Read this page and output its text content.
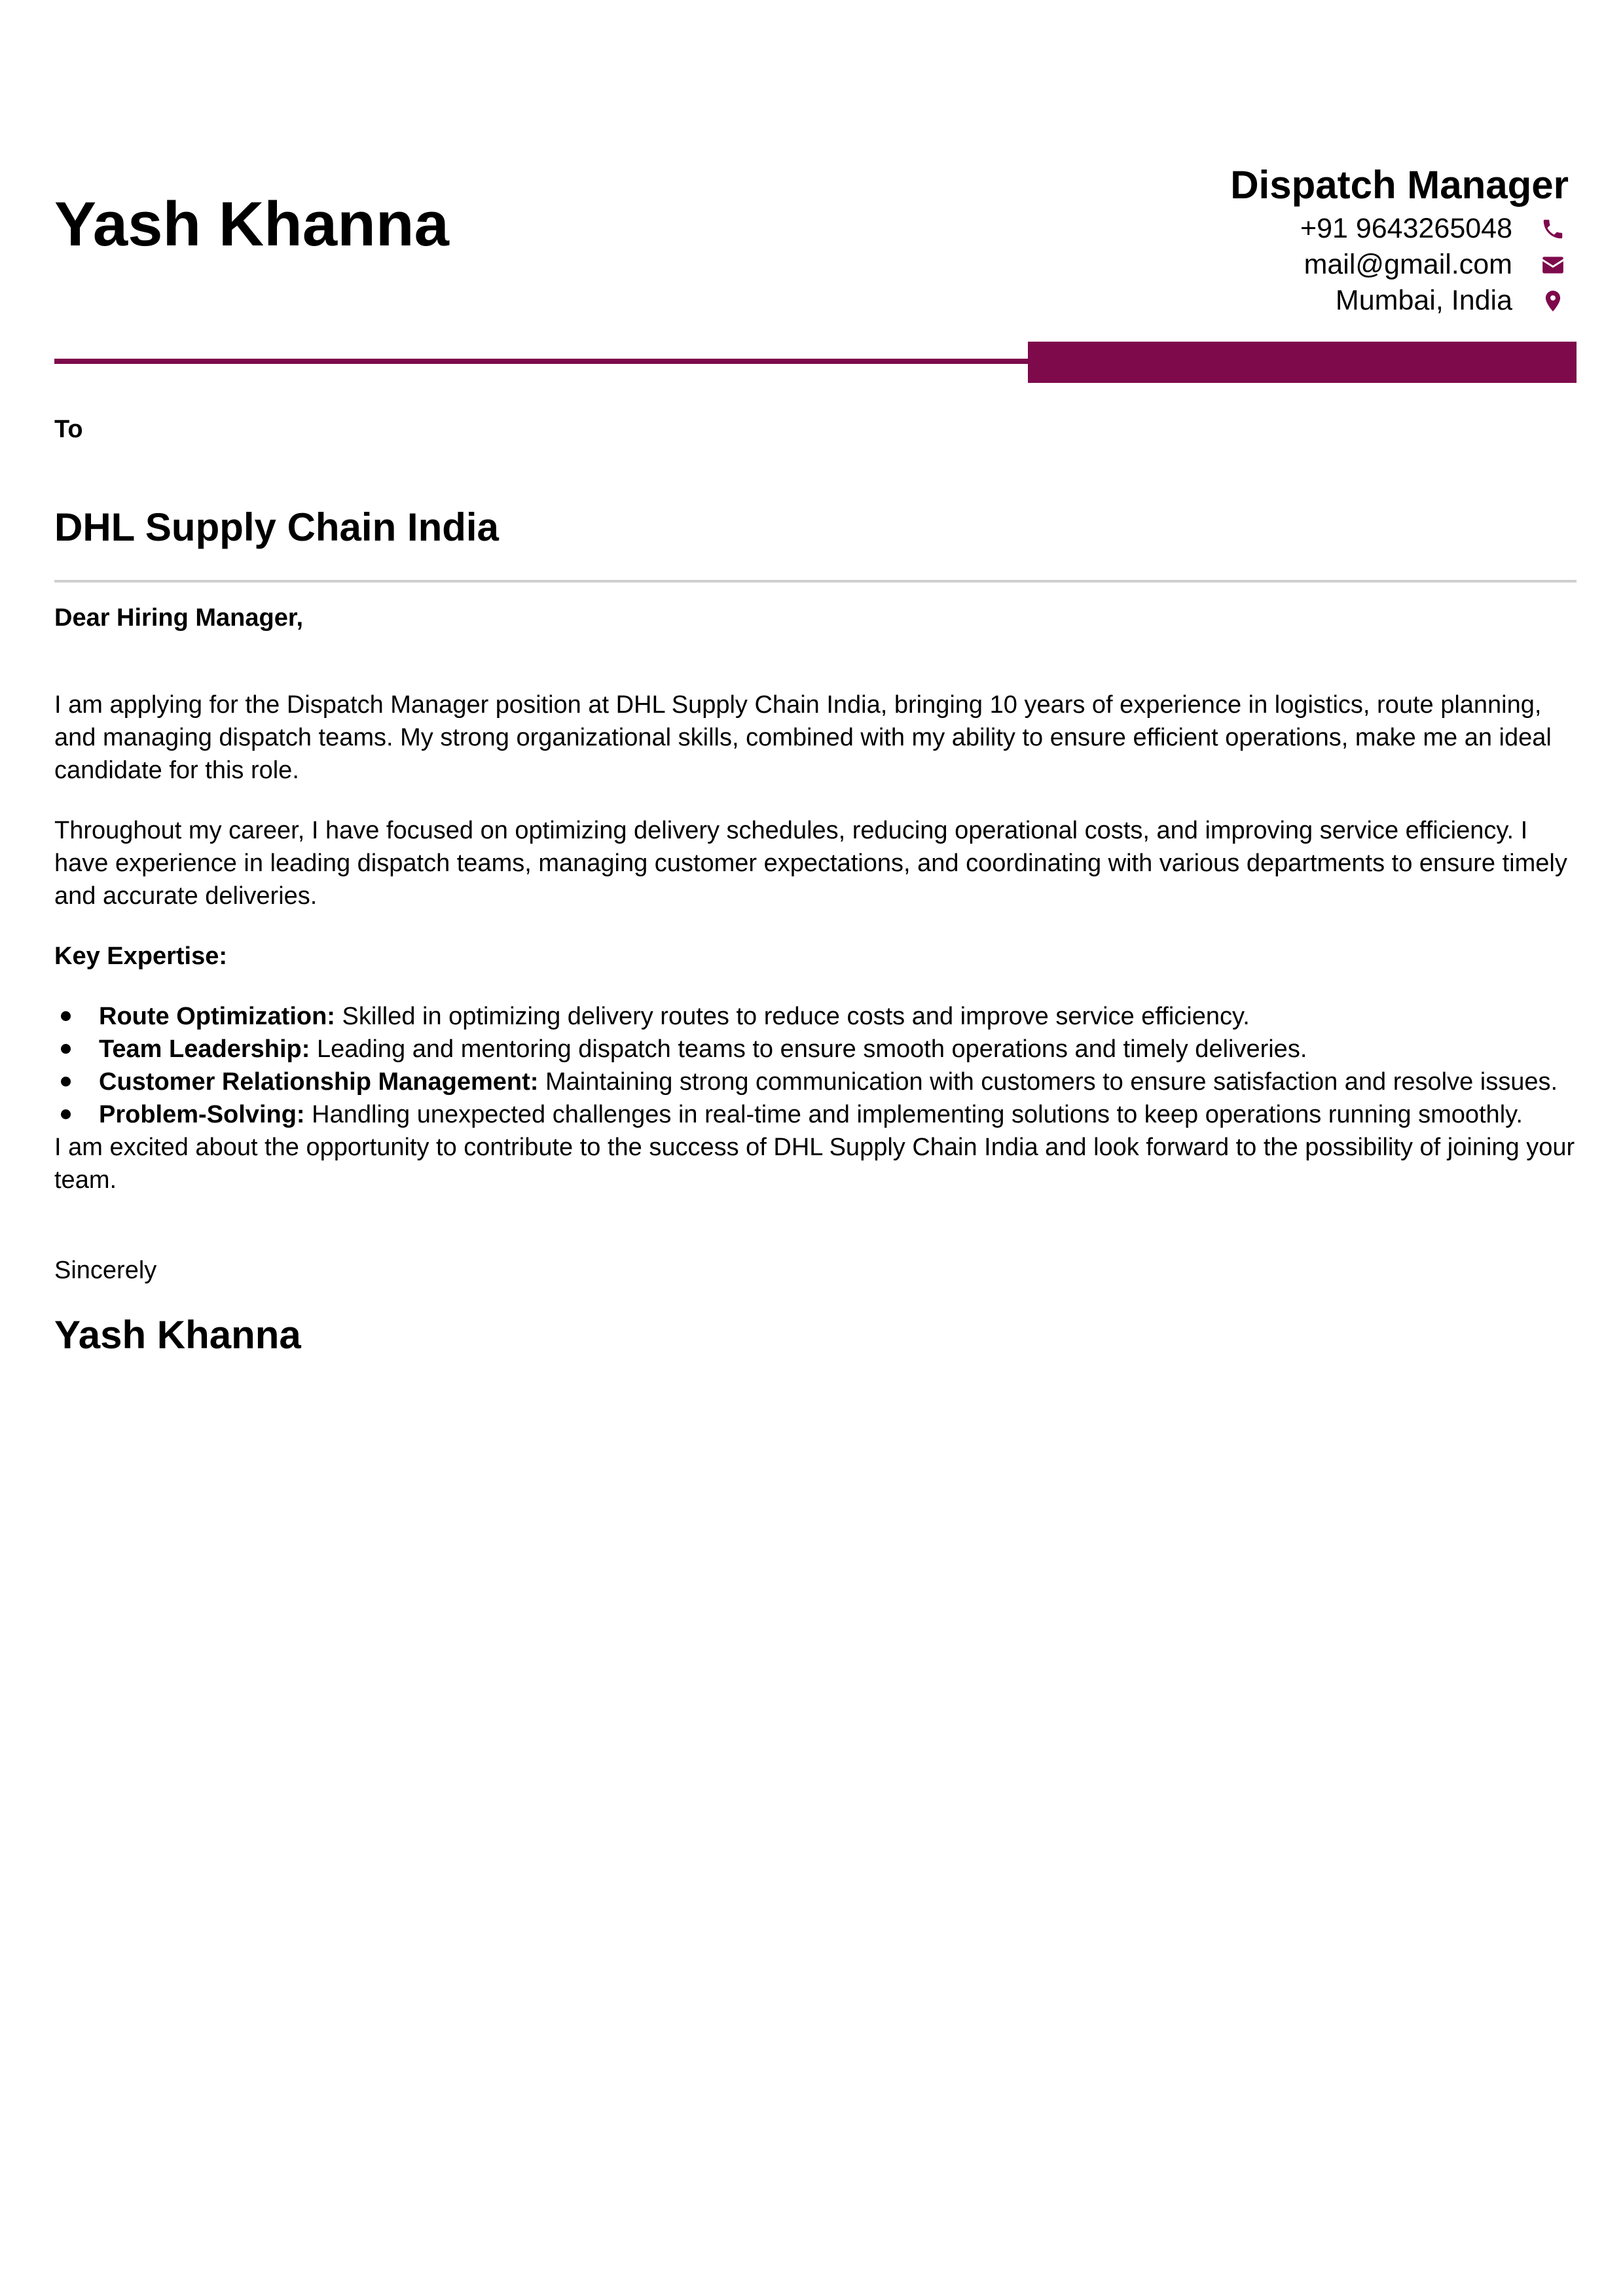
Yash Khanna
Dispatch Manager
+91 9643265048
mail@gmail.com
Mumbai, India

To

DHL Supply Chain India

Dear Hiring Manager,

I am applying for the Dispatch Manager position at DHL Supply Chain India, bringing 10 years of experience in logistics, route planning, and managing dispatch teams. My strong organizational skills, combined with my ability to ensure efficient operations, make me an ideal candidate for this role.

Throughout my career, I have focused on optimizing delivery schedules, reducing operational costs, and improving service efficiency. I have experience in leading dispatch teams, managing customer expectations, and coordinating with various departments to ensure timely and accurate deliveries.

Key Expertise:

Route Optimization: Skilled in optimizing delivery routes to reduce costs and improve service efficiency.
Team Leadership: Leading and mentoring dispatch teams to ensure smooth operations and timely deliveries.
Customer Relationship Management: Maintaining strong communication with customers to ensure satisfaction and resolve issues.
Problem-Solving: Handling unexpected challenges in real-time and implementing solutions to keep operations running smoothly.

I am excited about the opportunity to contribute to the success of DHL Supply Chain India and look forward to the possibility of joining your team.

Sincerely

Yash Khanna
